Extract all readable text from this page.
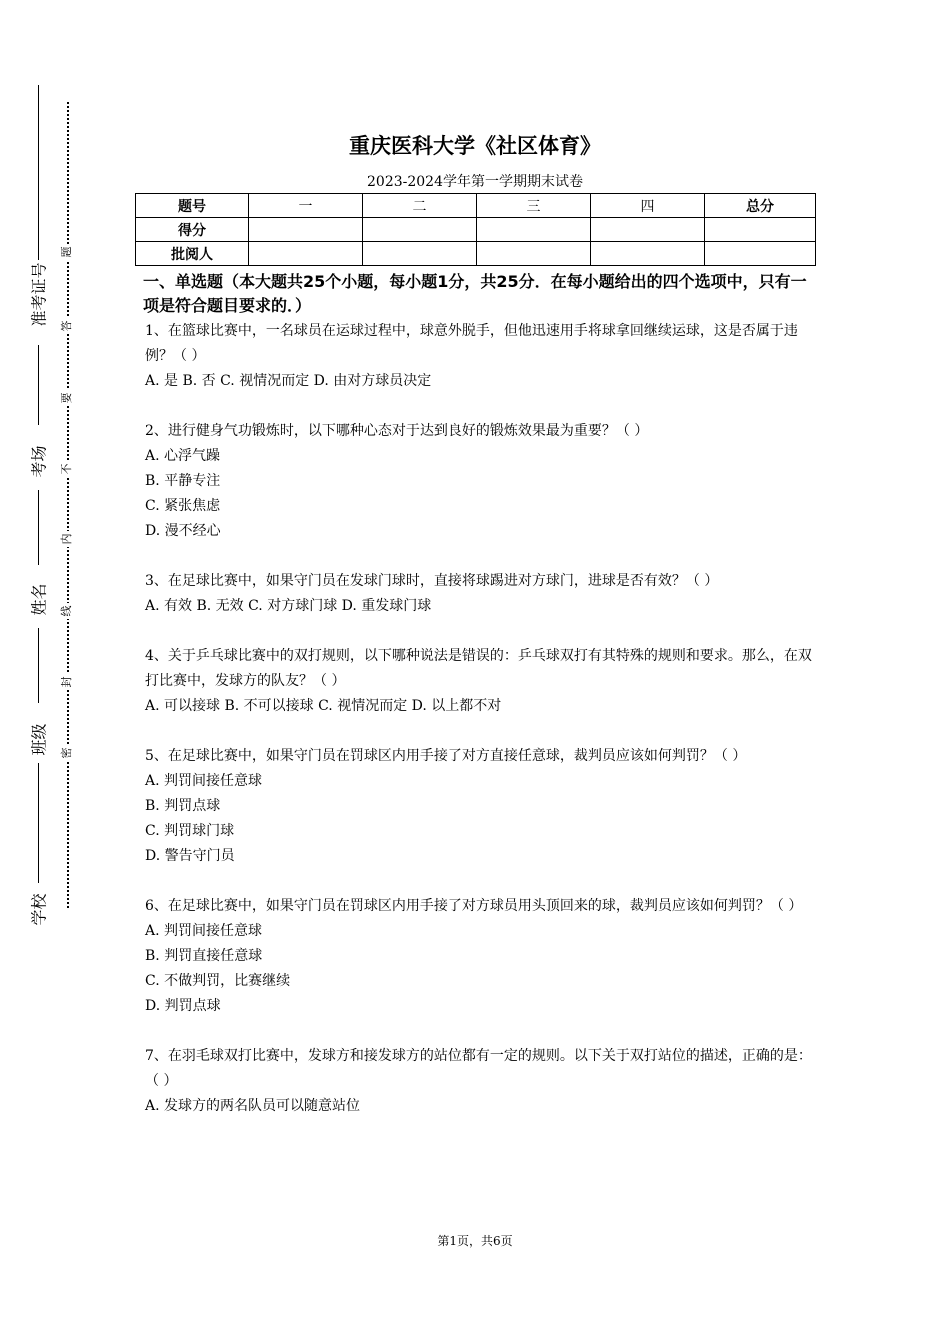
准考证号
考场
姓名
班级
学校
题
答
要
不
内
线
封
密
重庆医科大学《社区体育》
2023-2024学年第一学期期末试卷
题号	一	二	三	四	总分
得分					
批阅人					
一、单选题（本大题共25个小题，每小题1分，共25分．在每小题给出的四个选项中，只有一项是符合题目要求的．）
1、在篮球比赛中，一名球员在运球过程中，球意外脱手，但他迅速用手将球拿回继续运球，这是否属于违例？（ ）
A. 是 B. 否 C. 视情况而定 D. 由对方球员决定
2、进行健身气功锻炼时，以下哪种心态对于达到良好的锻炼效果最为重要？（ ）
A. 心浮气躁
B. 平静专注
C. 紧张焦虑
D. 漫不经心
3、在足球比赛中，如果守门员在发球门球时，直接将球踢进对方球门，进球是否有效？（ ）
A. 有效 B. 无效 C. 对方球门球 D. 重发球门球
4、关于乒乓球比赛中的双打规则，以下哪种说法是错误的：乒乓球双打有其特殊的规则和要求。那么，在双打比赛中，发球方的队友？（ ）
A. 可以接球 B. 不可以接球 C. 视情况而定 D. 以上都不对
5、在足球比赛中，如果守门员在罚球区内用手接了对方直接任意球，裁判员应该如何判罚？（ ）
A. 判罚间接任意球
B. 判罚点球
C. 判罚球门球
D. 警告守门员
6、在足球比赛中，如果守门员在罚球区内用手接了对方球员用头顶回来的球，裁判员应该如何判罚？（ ）
A. 判罚间接任意球
B. 判罚直接任意球
C. 不做判罚，比赛继续
D. 判罚点球
7、在羽毛球双打比赛中，发球方和接发球方的站位都有一定的规则。以下关于双打站位的描述，正确的是：（ ）
A. 发球方的两名队员可以随意站位
第1页，共6页
